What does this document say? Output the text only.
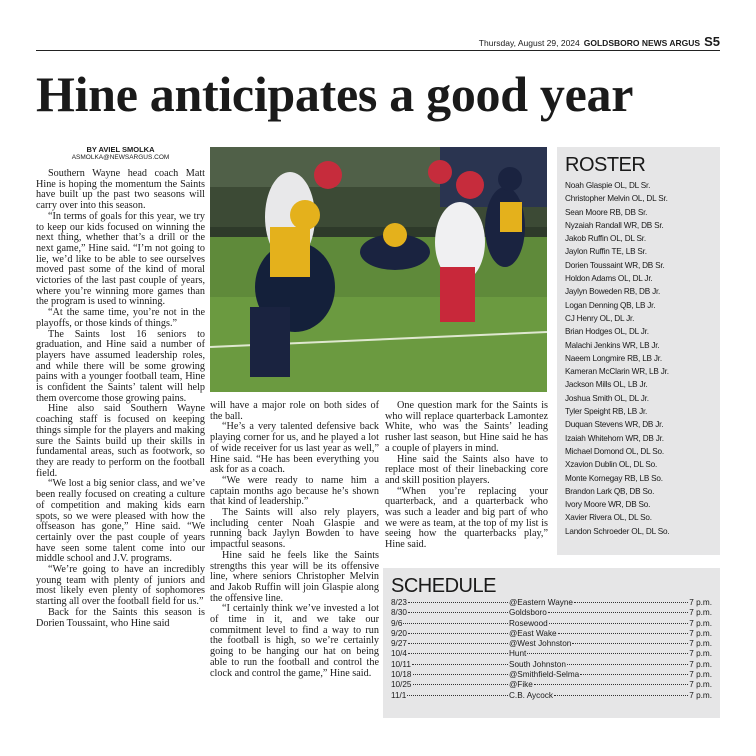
Thursday, August 29, 2024 GOLDSBORO NEWS ARGUS S5
Hine anticipates a good year
BY AVIEL SMOLKA
ASMOLKA@NEWSARGUS.COM

Southern Wayne head coach Matt Hine is hoping the momentum the Saints have built up the past two seasons will carry over into this season.

“In terms of goals for this year, we try to keep our kids focused on winning the next thing, whether that’s a drill or the next game,” Hine said. “I’m not going to lie, we’d like to be able to see ourselves moved past some of the kind of moral victories of the last past couple of years, where you’re winning more games than the program is used to winning.

“At the same time, you’re not in the playoffs, or those kinds of things.”

The Saints lost 16 seniors to graduation, and Hine said a number of players have assumed leadership roles, and while there will be some growing pains with a younger football team, Hine is confident the Saints’ talent will help them overcome those growing pains.

Hine also said Southern Wayne coaching staff is focused on keeping things simple for the players and making sure the Saints build up their skills in fundamental areas, such as footwork, so they are ready to perform on the football field.

“We lost a big senior class, and we’ve been really focused on creating a culture of competition and making kids earn spots, so we were pleased with how the offseason has gone,” Hine said. “We certainly over the past couple of years have seen some talent come into our middle school and J.V. programs.

“We’re going to have an incredibly young team with plenty of juniors and most likely even plenty of sophomores starting all over the football field for us.”

Back for the Saints this season is Dorien Toussaint, who Hine said

will have a major role on both sides of the ball.

“He’s a very talented defensive back playing corner for us, and he played a lot of wide receiver for us last year as well,” Hine said. “He has been everything you ask for as a coach.

“We were ready to name him a captain months ago because he’s shown that kind of leadership.”

The Saints will also rely players, including center Noah Glaspie and running back Jaylyn Bowden to have impactful seasons.

Hine said he feels like the Saints strengths this year will be its offensive line, where seniors Christopher Melvin and Jakob Ruffin will join Glaspie along the offensive line.

“I certainly think we’ve invested a lot of time in it, and we take our commitment level to find a way to run the football is high, so we’re certainly going to be hanging our hat on being able to run the football and control the clock and control the game,” Hine said.

One question mark for the Saints is who will replace quarterback Lamontez White, who was the Saints’ leading rusher last season, but Hine said he has a couple of players in mind.

Hine said the Saints also have to replace most of their linebacking core and skill position players.

“When you’re replacing your quarterback, and a quarterback who was such a leader and big part of who we were as team, at the top of my list is seeing how the quarterbacks play,” Hine said.

ROSTER
Noah Glaspie OL, DL Sr.
Christopher Melvin OL, DL Sr.
Sean Moore RB, DB Sr.
Nyzaiah Randall WR, DB Sr.
Jakob Ruffin OL, DL Sr.
Jaylon Ruffin TE, LB Sr.
Dorien Toussaint WR, DB Sr.
Holdon Adams OL, DL Jr.
Jaylyn Boweden RB, DB Jr.
Logan Denning QB, LB Jr.
CJ Henry OL, DL Jr.
Brian Hodges OL, DL Jr.
Malachi Jenkins WR, LB Jr.
Naeem Longmire RB, LB Jr.
Kameran McClarin WR, LB Jr.
Jackson Mills OL, LB Jr.
Joshua Smith OL, DL Jr.
Tyler Speight RB, LB Jr.
Duquan Stevens WR, DB Jr.
Izaiah Whitehorn WR, DB Jr.
Michael Domond OL, DL So.
Xzavion Dublin OL, DL So.
Monte Kornegay RB, LB So.
Brandon Lark QB, DB So.
Ivory Moore WR, DB So.
Xavier Rivera OL, DL So.
Landon Schroeder OL, DL So.
SCHEDULE
8/23	@Eastern Wayne	7 p.m.
8/30	Goldsboro	7 p.m.
9/6	Rosewood	7 p.m.
9/20	@East Wake	7 p.m.
9/27	@West Johnston	7 p.m.
10/4	Hunt	7 p.m.
10/11	South Johnston	7 p.m.
10/18	@Smithfield-Selma	7 p.m.
10/25	@Fike	7 p.m.
11/1	C.B. Aycock	7 p.m.
